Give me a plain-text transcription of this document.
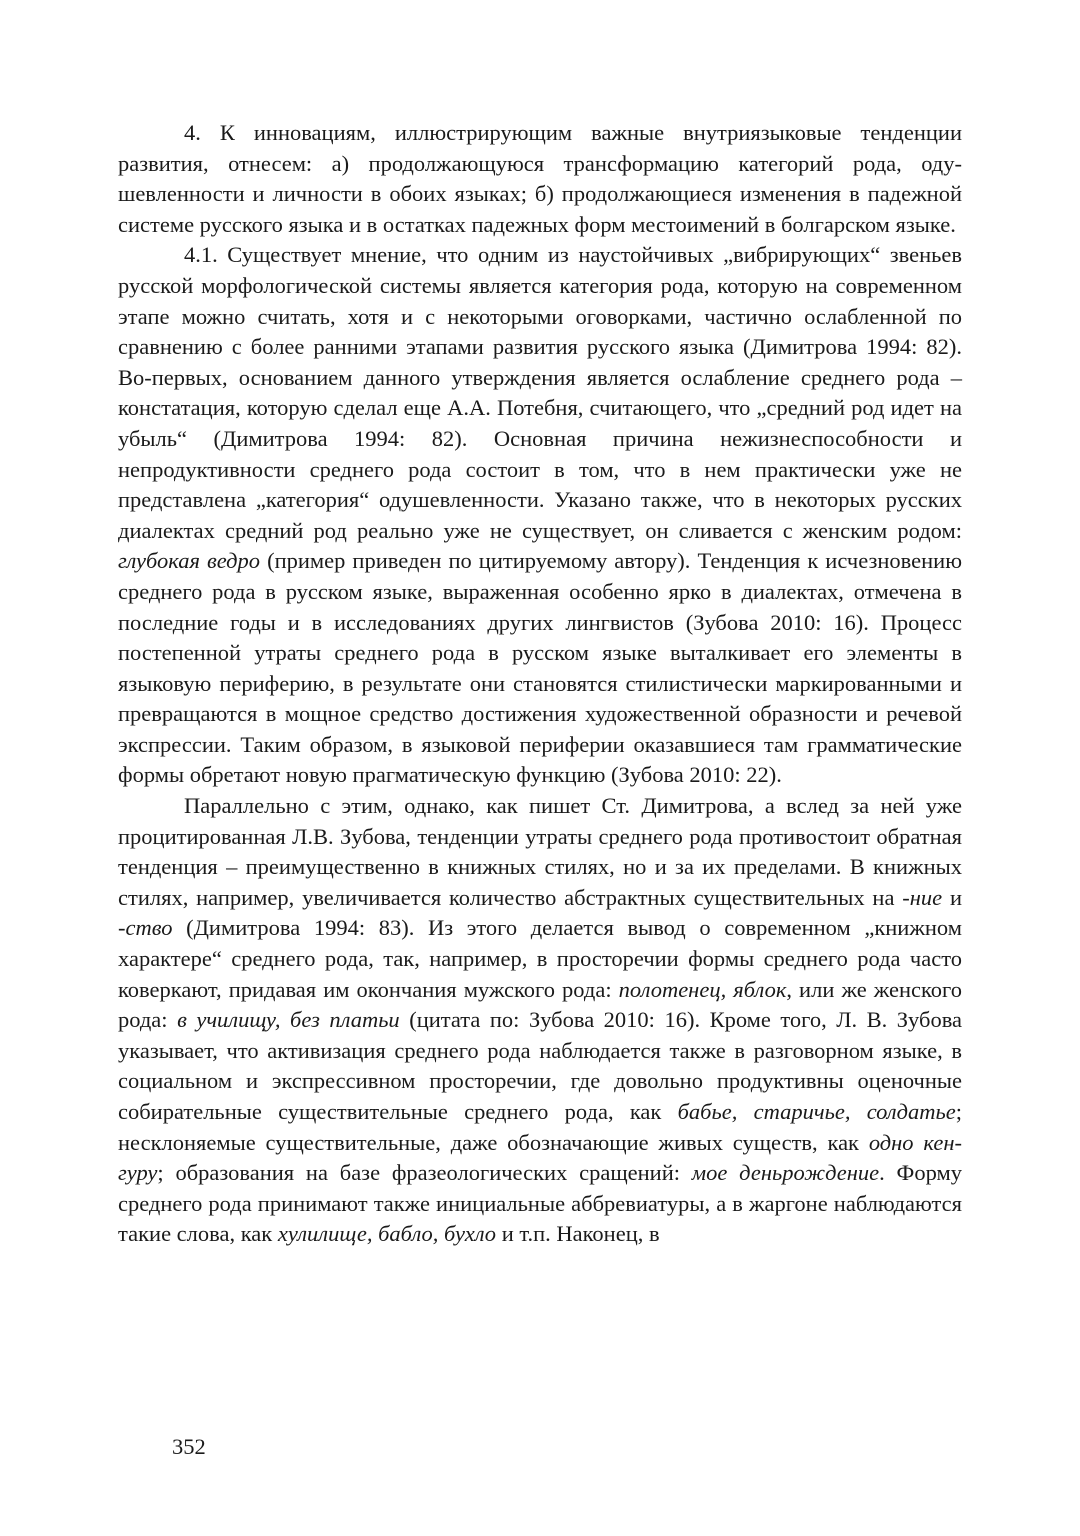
4. К инновациям, иллюстрирующим важные внутриязыковые тенденции развития, отнесем: а) продолжающуюся трансформацию категорий рода, одушевленности и личности в обоих языках; б) продолжающиеся изменения в падежной системе русского языка и в остатках падежных форм местоимений в болгарском языке.

4.1. Существует мнение, что одним из наустойчивых „вибрирующих“ звеньев русской морфологической системы является категория рода, которую на современном этапе можно считать, хотя и с некоторыми оговорками, частично ослабленной по сравнению с более ранними этапами развития русского языка (Димитрова 1994: 82). Во-первых, основанием данного утверждения является ослабление среднего рода – констатация, которую сделал еще А.А. Потебня, считающего, что „средний род идет на убыль“ (Димитрова 1994: 82). Основная причина нежизнеспособности и непродуктивности среднего рода состоит в том, что в нем практически уже не представлена „категория“ одушевленности. Указано также, что в некоторых русских диалектах средний род реально уже не существует, он сливается с женским родом: глубокая ведро (пример приведен по цитируемому автору). Тенденция к исчезновению среднего рода в русском языке, выраженная особенно ярко в диалектах, отмечена в последние годы и в исследованиях других лингвистов (Зубова 2010: 16). Процесс постепенной утраты среднего рода в русском языке выталкивает его элементы в языковую периферию, в результате они становятся стилистически маркированными и превращаются в мощное средство достижения художественной образности и речевой экспрессии. Таким образом, в языковой периферии оказавшиеся там грамматические формы обретают новую прагматическую функцию (Зубова 2010: 22).

Параллельно с этим, однако, как пишет Ст. Димитрова, а вслед за ней уже процитированная Л.В. Зубова, тенденции утраты среднего рода противостоит обратная тенденция – преимущественно в книжных стилях, но и за их пределами. В книжных стилях, например, увеличивается количество абстрактных существительных на -ние и -ство (Димитрова 1994: 83). Из этого делается вывод о современном „книжном характере“ среднего рода, так, например, в просторечии формы среднего рода часто коверкают, придавая им окончания мужского рода: полотенец, яблок, или же женского рода: в училищу, без платьи (цитата по: Зубова 2010: 16). Кроме того, Л. В. Зубова указывает, что активизация среднего рода наблюдается также в разговорном языке, в социальном и экспрессивном просторечии, где довольно продуктивны оценочные собирательные существительные среднего рода, как бабье, старичье, солдатье; несклоняемые существительные, даже обозначающие живых существ, как одно кенгуру; образования на базе фразеологических сращений: мое деньрождение. Форму среднего рода принимают также инициальные аббревиатуры, а в жаргоне наблюдаются такие слова, как хулилище, бабло, бухло и т.п. Наконец, в

352
